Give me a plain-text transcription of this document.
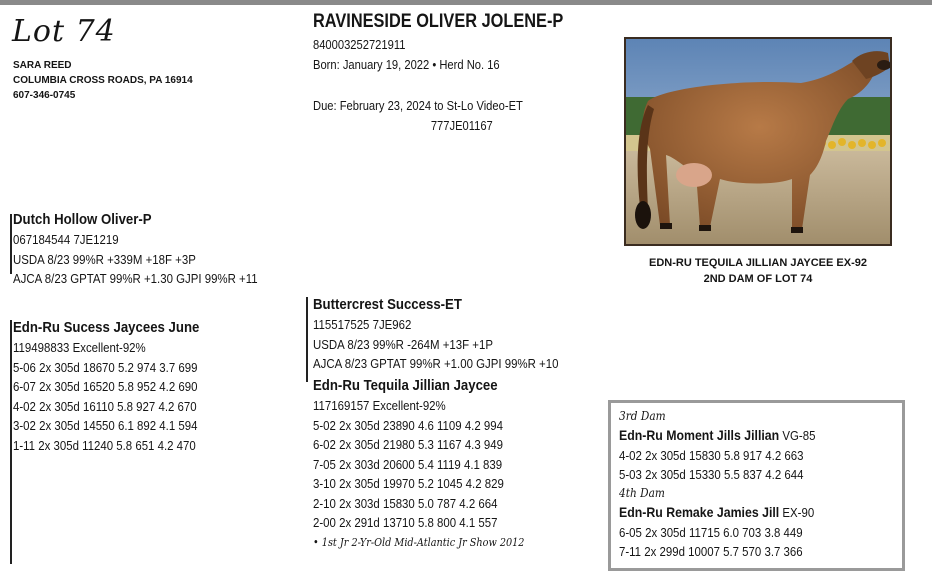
Lot 74
SARA REED
COLUMBIA CROSS ROADS, PA 16914
607-346-0745
RAVINESIDE OLIVER JOLENE-P
840003252721911
Born: January 19, 2022 • Herd No. 16
Due: February 23, 2024 to St-Lo Video-ET
777JE01167
EDN-RU TEQUILA JILLIAN JAYCEE EX-92
2ND DAM OF LOT 74
Dutch Hollow Oliver-P
067184544 7JE1219
USDA 8/23 99%R +339M +18F +3P
AJCA 8/23 GPTAT 99%R +1.30 GJPI 99%R +11
Edn-Ru Sucess Jaycees June
119498833 Excellent-92%
5-06 2x 305d 18670 5.2 974 3.7 699
6-07 2x 305d 16520 5.8 952 4.2 690
4-02 2x 305d 16110 5.8 927 4.2 670
3-02 2x 305d 14550 6.1 892 4.1 594
1-11 2x 305d 11240 5.8 651 4.2 470
Buttercrest Success-ET
115517525 7JE962
USDA 8/23 99%R -264M +13F +1P
AJCA 8/23 GPTAT 99%R +1.00 GJPI 99%R +10
Edn-Ru Tequila Jillian Jaycee
117169157 Excellent-92%
5-02 2x 305d 23890 4.6 1109 4.2 994
6-02 2x 305d 21980 5.3 1167 4.3 949
7-05 2x 303d 20600 5.4 1119 4.1 839
3-10 2x 305d 19970 5.2 1045 4.2 829
2-10 2x 303d 15830 5.0 787 4.2 664
2-00 2x 291d 13710 5.8 800 4.1 557
• 1st Jr 2-Yr-Old Mid-Atlantic Jr Show 2012
3rd Dam
Edn-Ru Moment Jills Jillian VG-85
4-02 2x 305d 15830 5.8 917 4.2 663
5-03 2x 305d 15330 5.5 837 4.2 644
4th Dam
Edn-Ru Remake Jamies Jill EX-90
6-05 2x 305d 11715 6.0 703 3.8 449
7-11 2x 299d 10007 5.7 570 3.7 366
